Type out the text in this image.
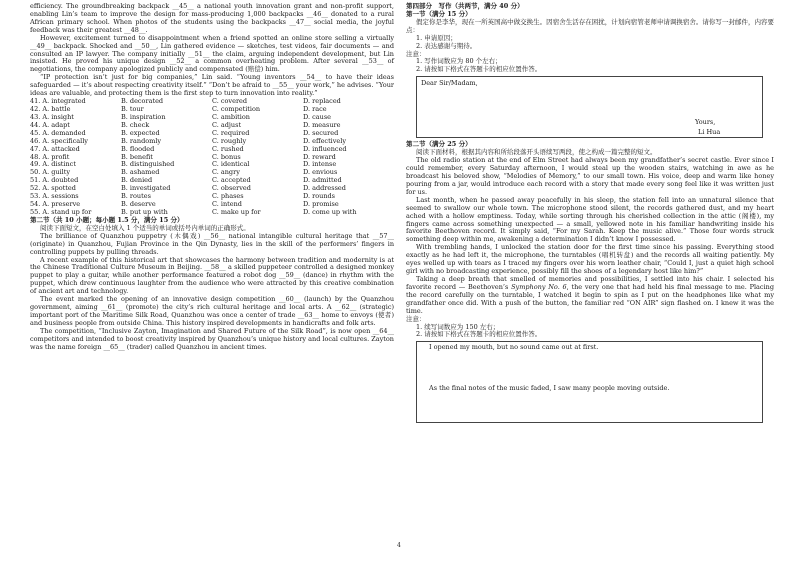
efficiency. The groundbreaking backpack __45__ a national youth innovation grant and non-profit support, enabling Lin’s team to improve the design for mass-producing 1,000 backpacks __46__ donated to a rural African primary school. When photos of the students using the backpacks __47__ social media, the joyful feedback was their greatest __48__.

However, excitement turned to disappointment when a friend spotted an online store selling a virtually __49__ backpack. Shocked and __50__, Lin gathered evidence — sketches, test videos, fair documents — and consulted an IP lawyer. The company initially __51__ the claim, arguing independent development, but Lin insisted. He proved his unique design __52__ a common overheating problem. After several __53__ of negotiations, the company apologized publicly and compensated (赔偿) him.

“IP protection isn’t just for big companies,” Lin said. “Young inventors __54__ to have their ideas safeguarded — it’s about respecting creativity itself.” “Don’t be afraid to __55__ your work,” he advises. “Your ideas are valuable, and protecting them is the first step to turn innovation into reality.”

41. A. integrated	B. decorated	C. covered	D. replaced
42. A. battle	B. tour	C. competition	D. race
43. A. insight	B. inspiration	C. ambition	D. cause
44. A. adapt	B. check	C. adjust	D. measure
45. A. demanded	B. expected	C. required	D. secured
46. A. specifically	B. randomly	C. roughly	D. effectively
47. A. attacked	B. flooded	C. rushed	D. influenced
48. A. profit	B. benefit	C. bonus	D. reward
49. A. distinct	B. distinguished	C. identical	D. intense
50. A. guilty	B. ashamed	C. angry	D. envious
51. A. doubted	B. denied	C. accepted	D. admitted
52. A. spotted	B. investigated	C. observed	D. addressed
53. A. sessions	B. routes	C. phases	D. rounds
54. A. preserve	B. deserve	C. intend	D. promise
55. A. stand up for	B. put up with	C. make up for	D. come up with

第二节（共 10 小题；每小题 1.5 分，满分 15 分）

阅读下面短文，在空白处填入 1 个适当的单词或括号内单词的正确形式。

The brilliance of Quanzhou puppetry (木偶戏) __56__ national intangible cultural heritage that __57__ (originate) in Quanzhou, Fujian Province in the Qin Dynasty, lies in the skill of the performers’ fingers in controlling puppets by pulling threads.

A recent example of this historical art that showcases the harmony between tradition and modernity is at the Chinese Traditional Culture Museum in Beijing. __58__ a skilled puppeteer controlled a designed monkey puppet to play a guitar, while another performance featured a robot dog __59__ (dance) in rhythm with the puppet, which drew continuous laughter from the audience who were attracted by this creative combination of ancient art and technology.

The event marked the opening of an innovative design competition __60__ (launch) by the Quanzhou government, aiming __61__ (promote) the city’s rich cultural heritage and local arts. A __62__ (strategic) important port of the Maritime Silk Road, Quanzhou was once a center of trade __63__ home to envoys (使者) and business people from outside China. This history inspired developments in handicrafts and folk arts.

The competition, “Inclusive Zayton, Imagination and Shared Future of the Silk Road”, is now open __64__ competitors and intended to boost creativity inspired by Quanzhou’s unique history and local cultures. Zayton was the name foreign __65__ (trader) called Quanzhou in ancient times.

第四部分　写作（共两节，满分 40 分）

第一节（满分 15 分）

假定你是李华，现在一所英国高中做交换生。因宿舍生活存在困扰，计划向宿管老师申请调换宿舍。请你写一封邮件，内容要点：

1. 申请原因；

2. 表达感谢与期待。

注意：

1. 写作词数应为 80 个左右；

2. 请按如下格式在答题卡的相应位置作答。

Dear Sir/Madam,
Yours,
Li Hua

第二节（满分 25 分）

阅读下面材料，根据其内容和所给段落开头语续写两段，使之构成一篇完整的短文。

The old radio station at the end of Elm Street had always been my grandfather’s secret castle. Ever since I could remember, every Saturday afternoon, I would steal up the wooden stairs, watching in awe as he broadcast his beloved show, “Melodies of Memory,” to our small town. His voice, deep and warm like honey pouring from a jar, would introduce each record with a story that made every song feel like it was written just for us.

Last month, when he passed away peacefully in his sleep, the station fell into an unnatural silence that seemed to swallow our whole town. The microphone stood silent, the records gathered dust, and my heart ached with a hollow emptiness. Today, while sorting through his cherished collection in the attic (阁楼), my fingers came across something unexpected — a small, yellowed note in his familiar handwriting inside his favorite Beethoven record. It simply said, “For my Sarah. Keep the music alive.” Those four words struck something deep within me, awakening a determination I didn’t know I possessed.

With trembling hands, I unlocked the station door for the first time since his passing. Everything stood exactly as he had left it, the microphone, the turntables (唱机转盘) and the records all waiting patiently. My eyes welled up with tears as I traced my fingers over his worn leather chair, “Could I, just a quiet high school girl with no broadcasting experience, possibly fill the shoes of a legendary host like him?”

Taking a deep breath that smelled of memories and possibilities, I settled into his chair. I selected his favorite record — Beethoven’s Symphony No. 6, the very one that had held his final message to me. Placing the record carefully on the turntable, I watched it begin to spin as I put on the headphones like what my grandfather once did. With a push of the button, the familiar red “ON AIR” sign flashed on. I knew it was the time.

注意：

1. 续写词数应为 150 左右；

2. 请按如下格式在答题卡的相应位置作答。

I opened my mouth, but no sound came out at first.
As the final notes of the music faded, I saw many people moving outside.
4
